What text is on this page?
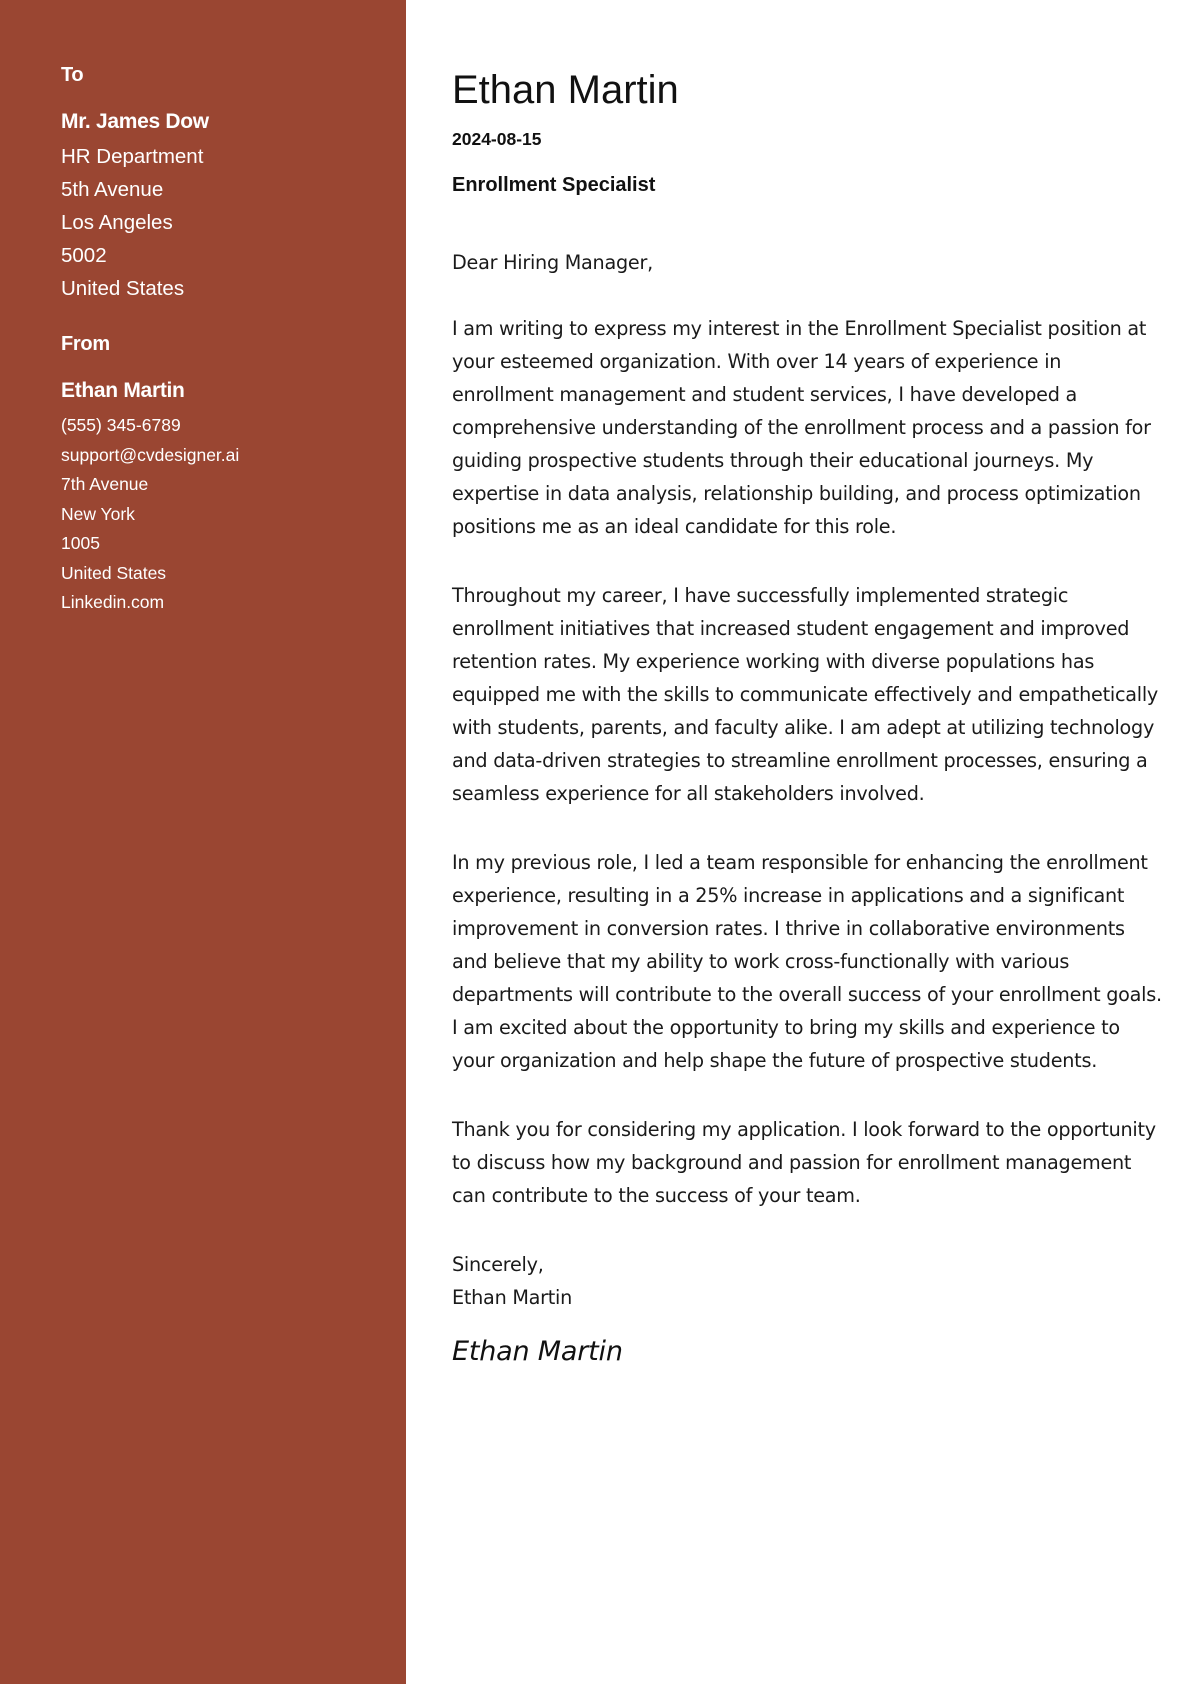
To
Mr. James Dow
HR Department
5th Avenue
Los Angeles
5002
United States
From
Ethan Martin
(555) 345-6789
support@cvdesigner.ai
7th Avenue
New York
1005
United States
Linkedin.com
Ethan Martin
2024-08-15
Enrollment Specialist
Dear Hiring Manager,

I am writing to express my interest in the Enrollment Specialist position at your esteemed organization. With over 14 years of experience in enrollment management and student services, I have developed a comprehensive understanding of the enrollment process and a passion for guiding prospective students through their educational journeys. My expertise in data analysis, relationship building, and process optimization positions me as an ideal candidate for this role.

Throughout my career, I have successfully implemented strategic enrollment initiatives that increased student engagement and improved retention rates. My experience working with diverse populations has equipped me with the skills to communicate effectively and empathetically with students, parents, and faculty alike. I am adept at utilizing technology and data-driven strategies to streamline enrollment processes, ensuring a seamless experience for all stakeholders involved.

In my previous role, I led a team responsible for enhancing the enrollment experience, resulting in a 25% increase in applications and a significant improvement in conversion rates. I thrive in collaborative environments and believe that my ability to work cross-functionally with various departments will contribute to the overall success of your enrollment goals. I am excited about the opportunity to bring my skills and experience to your organization and help shape the future of prospective students.

Thank you for considering my application. I look forward to the opportunity to discuss how my background and passion for enrollment management can contribute to the success of your team.

Sincerely,
Ethan Martin
Ethan Martin
